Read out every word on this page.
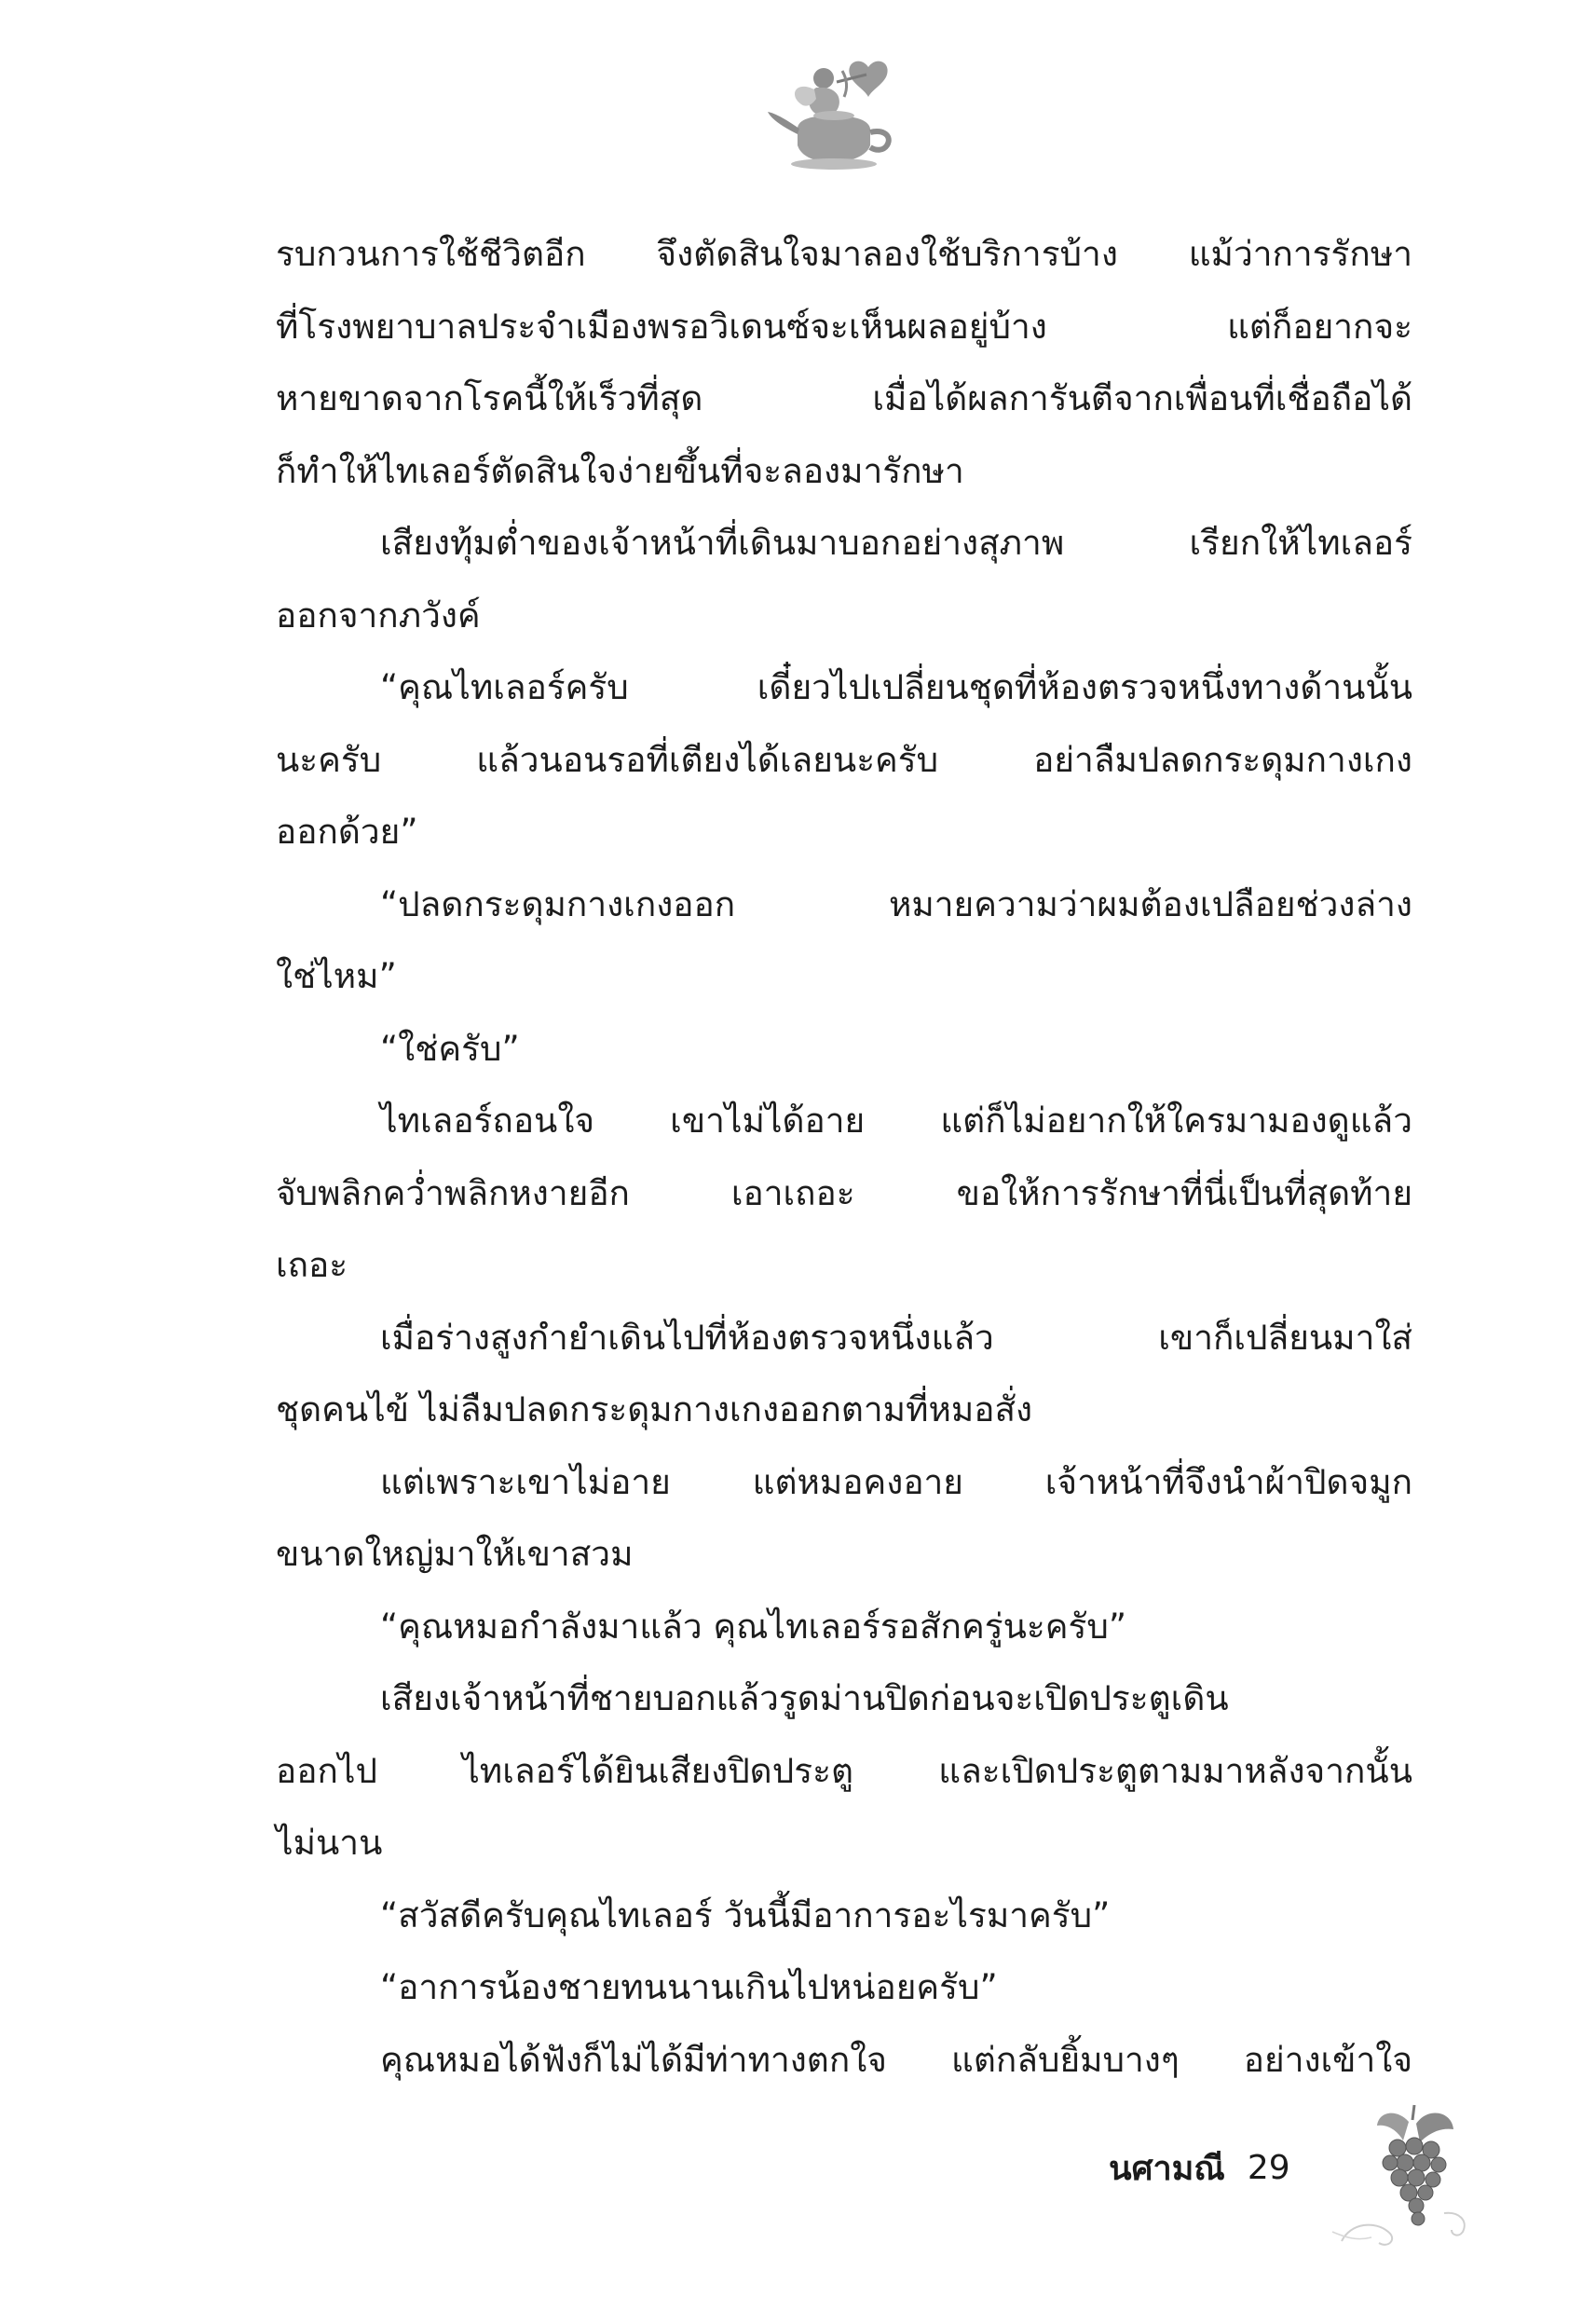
รบกวนการใช้ชีวิตอีก จึงตัดสินใจมาลองใช้บริการบ้าง แม้ว่าการรักษา
ที่โรงพยาบาลประจำเมืองพรอวิเดนซ์จะเห็นผลอยู่บ้าง แต่ก็อยากจะ
หายขาดจากโรคนี้ให้เร็วที่สุด เมื่อได้ผลการันตีจากเพื่อนที่เชื่อถือได้
ก็ทำให้ไทเลอร์ตัดสินใจง่ายขึ้นที่จะลองมารักษา
เสียงทุ้มต่ำของเจ้าหน้าที่เดินมาบอกอย่างสุภาพ เรียกให้ไทเลอร์
ออกจากภวังค์
“คุณไทเลอร์ครับ เดี๋ยวไปเปลี่ยนชุดที่ห้องตรวจหนึ่งทางด้านนั้น
นะครับ แล้วนอนรอที่เตียงได้เลยนะครับ อย่าลืมปลดกระดุมกางเกง
ออกด้วย”
“ปลดกระดุมกางเกงออก หมายความว่าผมต้องเปลือยช่วงล่าง
ใช่ไหม”
“ใช่ครับ”
ไทเลอร์ถอนใจ เขาไม่ได้อาย แต่ก็ไม่อยากให้ใครมามองดูแล้ว
จับพลิกคว่ำพลิกหงายอีก เอาเถอะ ขอให้การรักษาที่นี่เป็นที่สุดท้าย
เถอะ
เมื่อร่างสูงกำยำเดินไปที่ห้องตรวจหนึ่งแล้ว เขาก็เปลี่ยนมาใส่
ชุดคนไข้ ไม่ลืมปลดกระดุมกางเกงออกตามที่หมอสั่ง
แต่เพราะเขาไม่อาย แต่หมอคงอาย เจ้าหน้าที่จึงนำผ้าปิดจมูก
ขนาดใหญ่มาให้เขาสวม
“คุณหมอกำลังมาแล้ว คุณไทเลอร์รอสักครู่นะครับ”
เสียงเจ้าหน้าที่ชายบอกแล้วรูดม่านปิดก่อนจะเปิดประตูเดิน
ออกไป ไทเลอร์ได้ยินเสียงปิดประตู และเปิดประตูตามมาหลังจากนั้น
ไม่นาน
“สวัสดีครับคุณไทเลอร์ วันนี้มีอาการอะไรมาครับ”
“อาการน้องชายทนนานเกินไปหน่อยครับ”
คุณหมอได้ฟังก็ไม่ได้มีท่าทางตกใจ แต่กลับยิ้มบางๆ อย่างเข้าใจ
นศามณี 29
